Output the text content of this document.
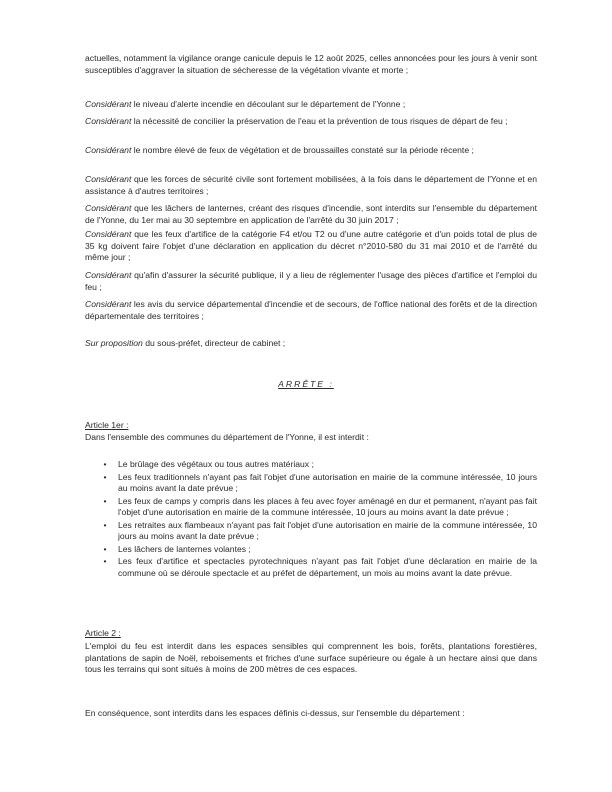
actuelles, notamment la vigilance orange canicule depuis le 12 août 2025, celles annoncées pour les jours à venir sont susceptibles d'aggraver la situation de sécheresse de la végétation vivante et morte ;

Considérant le niveau d'alerte incendie en découlant sur le département de l'Yonne ;

Considérant la nécessité de concilier la préservation de l'eau et la prévention de tous risques de départ de feu ;

Considérant le nombre élevé de feux de végétation et de broussailles constaté sur la période récente ;

Considérant que les forces de sécurité civile sont fortement mobilisées, à la fois dans le département de l'Yonne et en assistance à d'autres territoires ;

Considérant que les lâchers de lanternes, créant des risques d'incendie, sont interdits sur l'ensemble du département de l'Yonne, du 1er mai au 30 septembre en application de l'arrêté du 30 juin 2017 ;

Considérant que les feux d'artifice de la catégorie F4 et/ou T2 ou d'une autre catégorie et d'un poids total de plus de 35 kg doivent faire l'objet d'une déclaration en application du décret n°2010-580 du 31 mai 2010 et de l'arrêté du même jour ;

Considérant qu'afin d'assurer la sécurité publique, il y a lieu de réglementer l'usage des pièces d'artifice et l'emploi du feu ;

Considérant les avis du service départemental d'incendie et de secours, de l'office national des forêts et de la direction départementale des territoires ;

Sur proposition du sous-préfet, directeur de cabinet ;

ARRÊTE :

Article 1er :

Dans l'ensemble des communes du département de l'Yonne, il est interdit :

• Le brûlage des végétaux ou tous autres matériaux ;
• Les feux traditionnels n'ayant pas fait l'objet d'une autorisation en mairie de la commune intéressée, 10 jours au moins avant la date prévue ;
• Les feux de camps y compris dans les places à feu avec foyer aménagé en dur et permanent, n'ayant pas fait l'objet d'une autorisation en mairie de la commune intéressée, 10 jours au moins avant la date prévue ;
• Les retraites aux flambeaux n'ayant pas fait l'objet d'une autorisation en mairie de la commune intéressée, 10 jours au moins avant la date prévue ;
• Les lâchers de lanternes volantes ;
• Les feux d'artifice et spectacles pyrotechniques n'ayant pas fait l'objet d'une déclaration en mairie de la commune où se déroule spectacle et au préfet de département, un mois au moins avant la date prévue.

Article 2 :

L'emploi du feu est interdit dans les espaces sensibles qui comprennent les bois, forêts, plantations forestières, plantations de sapin de Noël, reboisements et friches d'une surface supérieure ou égale à un hectare ainsi que dans tous les terrains qui sont situés à moins de 200 mètres de ces espaces.

En conséquence, sont interdits dans les espaces définis ci-dessus, sur l'ensemble du département :
